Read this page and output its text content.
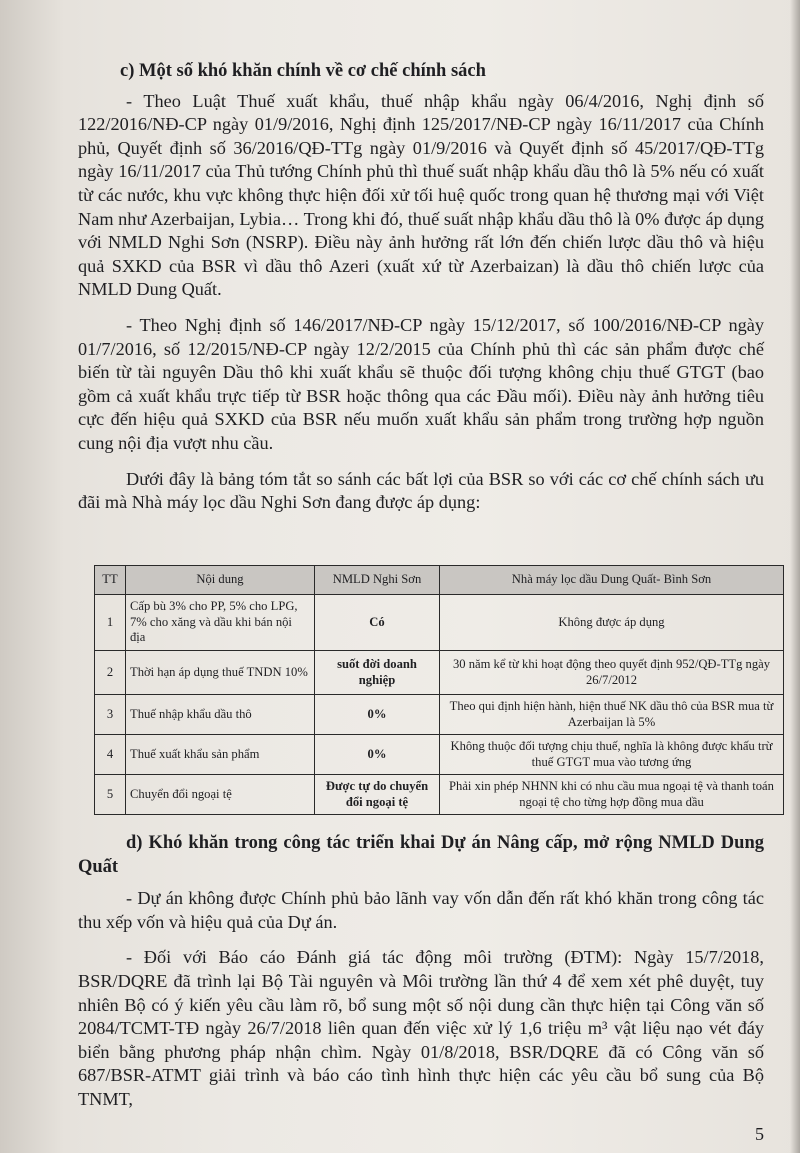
c) Một số khó khăn chính về cơ chế chính sách

- Theo Luật Thuế xuất khẩu, thuế nhập khẩu ngày 06/4/2016, Nghị định số 122/2016/NĐ-CP ngày 01/9/2016, Nghị định 125/2017/NĐ-CP ngày 16/11/2017 của Chính phủ, Quyết định số 36/2016/QĐ-TTg ngày 01/9/2016 và Quyết định số 45/2017/QĐ-TTg ngày 16/11/2017 của Thủ tướng Chính phủ thì thuế suất nhập khẩu dầu thô là 5% nếu có xuất từ các nước, khu vực không thực hiện đối xử tối huệ quốc trong quan hệ thương mại với Việt Nam như Azerbaijan, Lybia… Trong khi đó, thuế suất nhập khẩu dầu thô là 0% được áp dụng với NMLD Nghi Sơn (NSRP). Điều này ảnh hưởng rất lớn đến chiến lược dầu thô và hiệu quả SXKD của BSR vì dầu thô Azeri (xuất xứ từ Azerbaizan) là dầu thô chiến lược của NMLD Dung Quất.

- Theo Nghị định số 146/2017/NĐ-CP ngày 15/12/2017, số 100/2016/NĐ-CP ngày 01/7/2016, số 12/2015/NĐ-CP ngày 12/2/2015 của Chính phủ thì các sản phẩm được chế biến từ tài nguyên Dầu thô khi xuất khẩu sẽ thuộc đối tượng không chịu thuế GTGT (bao gồm cả xuất khẩu trực tiếp từ BSR hoặc thông qua các Đầu mối). Điều này ảnh hưởng tiêu cực đến hiệu quả SXKD của BSR nếu muốn xuất khẩu sản phẩm trong trường hợp nguồn cung nội địa vượt nhu cầu.

Dưới đây là bảng tóm tắt so sánh các bất lợi của BSR so với các cơ chế chính sách ưu đãi mà Nhà máy lọc dầu Nghi Sơn đang được áp dụng:

TT	Nội dung	NMLD Nghi Sơn	Nhà máy lọc dầu Dung Quất- Bình Sơn
1	Cấp bù 3% cho PP, 5% cho LPG, 7% cho xăng và dầu khi bán nội địa	Có	Không được áp dụng
2	Thời hạn áp dụng thuế TNDN 10%	suốt đời doanh nghiệp	30 năm kể từ khi hoạt động theo quyết định 952/QĐ-TTg ngày 26/7/2012
3	Thuế nhập khẩu dầu thô	0%	Theo qui định hiện hành, hiện thuế NK dầu thô của BSR mua từ Azerbaijan là 5%
4	Thuế xuất khẩu sản phẩm	0%	Không thuộc đối tượng chịu thuế, nghĩa là không được khấu trừ thuế GTGT mua vào tương ứng
5	Chuyển đổi ngoại tệ	Được tự do chuyển đổi ngoại tệ	Phải xin phép NHNN khi có nhu cầu mua ngoại tệ và thanh toán ngoại tệ cho từng hợp đồng mua dầu
d) Khó khăn trong công tác triển khai Dự án Nâng cấp, mở rộng NMLD Dung Quất

- Dự án không được Chính phủ bảo lãnh vay vốn dẫn đến rất khó khăn trong công tác thu xếp vốn và hiệu quả của Dự án.

- Đối với Báo cáo Đánh giá tác động môi trường (ĐTM): Ngày 15/7/2018, BSR/DQRE đã trình lại Bộ Tài nguyên và Môi trường lần thứ 4 để xem xét phê duyệt, tuy nhiên Bộ có ý kiến yêu cầu làm rõ, bổ sung một số nội dung cần thực hiện tại Công văn số 2084/TCMT-TĐ ngày 26/7/2018 liên quan đến việc xử lý 1,6 triệu m³ vật liệu nạo vét đáy biển bằng phương pháp nhận chìm. Ngày 01/8/2018, BSR/DQRE đã có Công văn số 687/BSR-ATMT giải trình và báo cáo tình hình thực hiện các yêu cầu bổ sung của Bộ TNMT,

5
